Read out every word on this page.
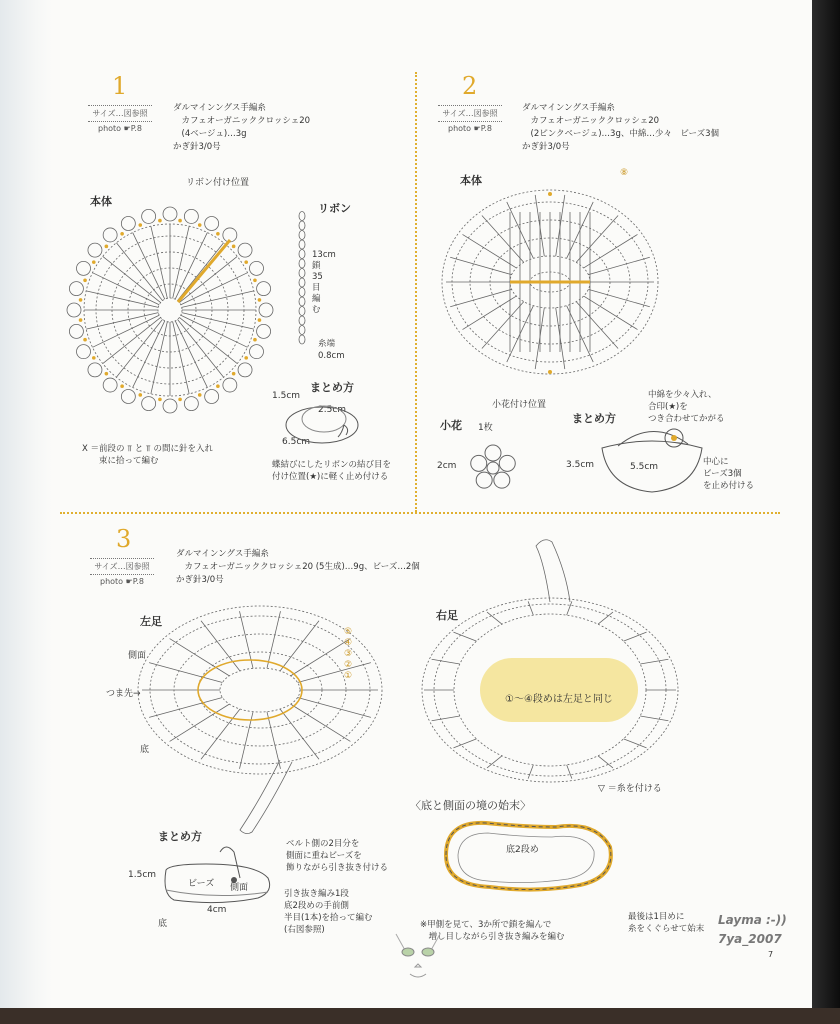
1
サイズ…図参照
photo ☛P.8
ダルマインングス手編糸
　カフェオーガニッククロッシェ20
　(4ベージュ)…3g
かぎ針3/0号
本体
リボン付け位置
リボン
13cm
鎖
35
目
編
む
糸端
0.8cm
まとめ方
1.5cm
2.5cm
6.5cm
X ＝前段の ⫪ と ⫪ の間に針を入れ
　　束に拾って編む	蝶結びにしたリボンの結び目を
付け位置(★)に軽く止め付ける
2
サイズ…図参照
photo ☛P.8
ダルマインングス手編糸
　カフェオーガニッククロッシェ20
　(2ピンクベージュ)…3g、中綿…少々　ビーズ3個
かぎ針3/0号
本体
⑧
小花付け位置
小花 1枚
2cm
まとめ方
3.5cm	5.5cm
中綿を少々入れ、
合印(★)を
つき合わせてかがる
中心に
ビーズ3個
を止め付ける
3
サイズ…図参照
photo ☛P.8
ダルマインングス手編糸
　カフェオーガニッククロッシェ20 (5生成)…9g、ビーズ…2個
かぎ針3/0号
左足
側面
つま先→
底
⑤
④
③
②
①
右足
①～④段めは左足と同じ
▽ ＝糸を付ける
〈底と側面の境の始末〉
底2段め
※甲側を見て、3か所で鎖を編んで
　増し目しながら引き抜き編みを編む
最後は1目めに
糸をくぐらせて始末
まとめ方
ビーズ 側面
1.5cm
4cm
底
ベルト側の2目分を
側面に重ねビーズを
飾りながら引き抜き付ける
引き抜き編み1段
底2段めの手前側
半目(1本)を拾って編む
(右図参照)
Layma :-))
7ya_2007
7
